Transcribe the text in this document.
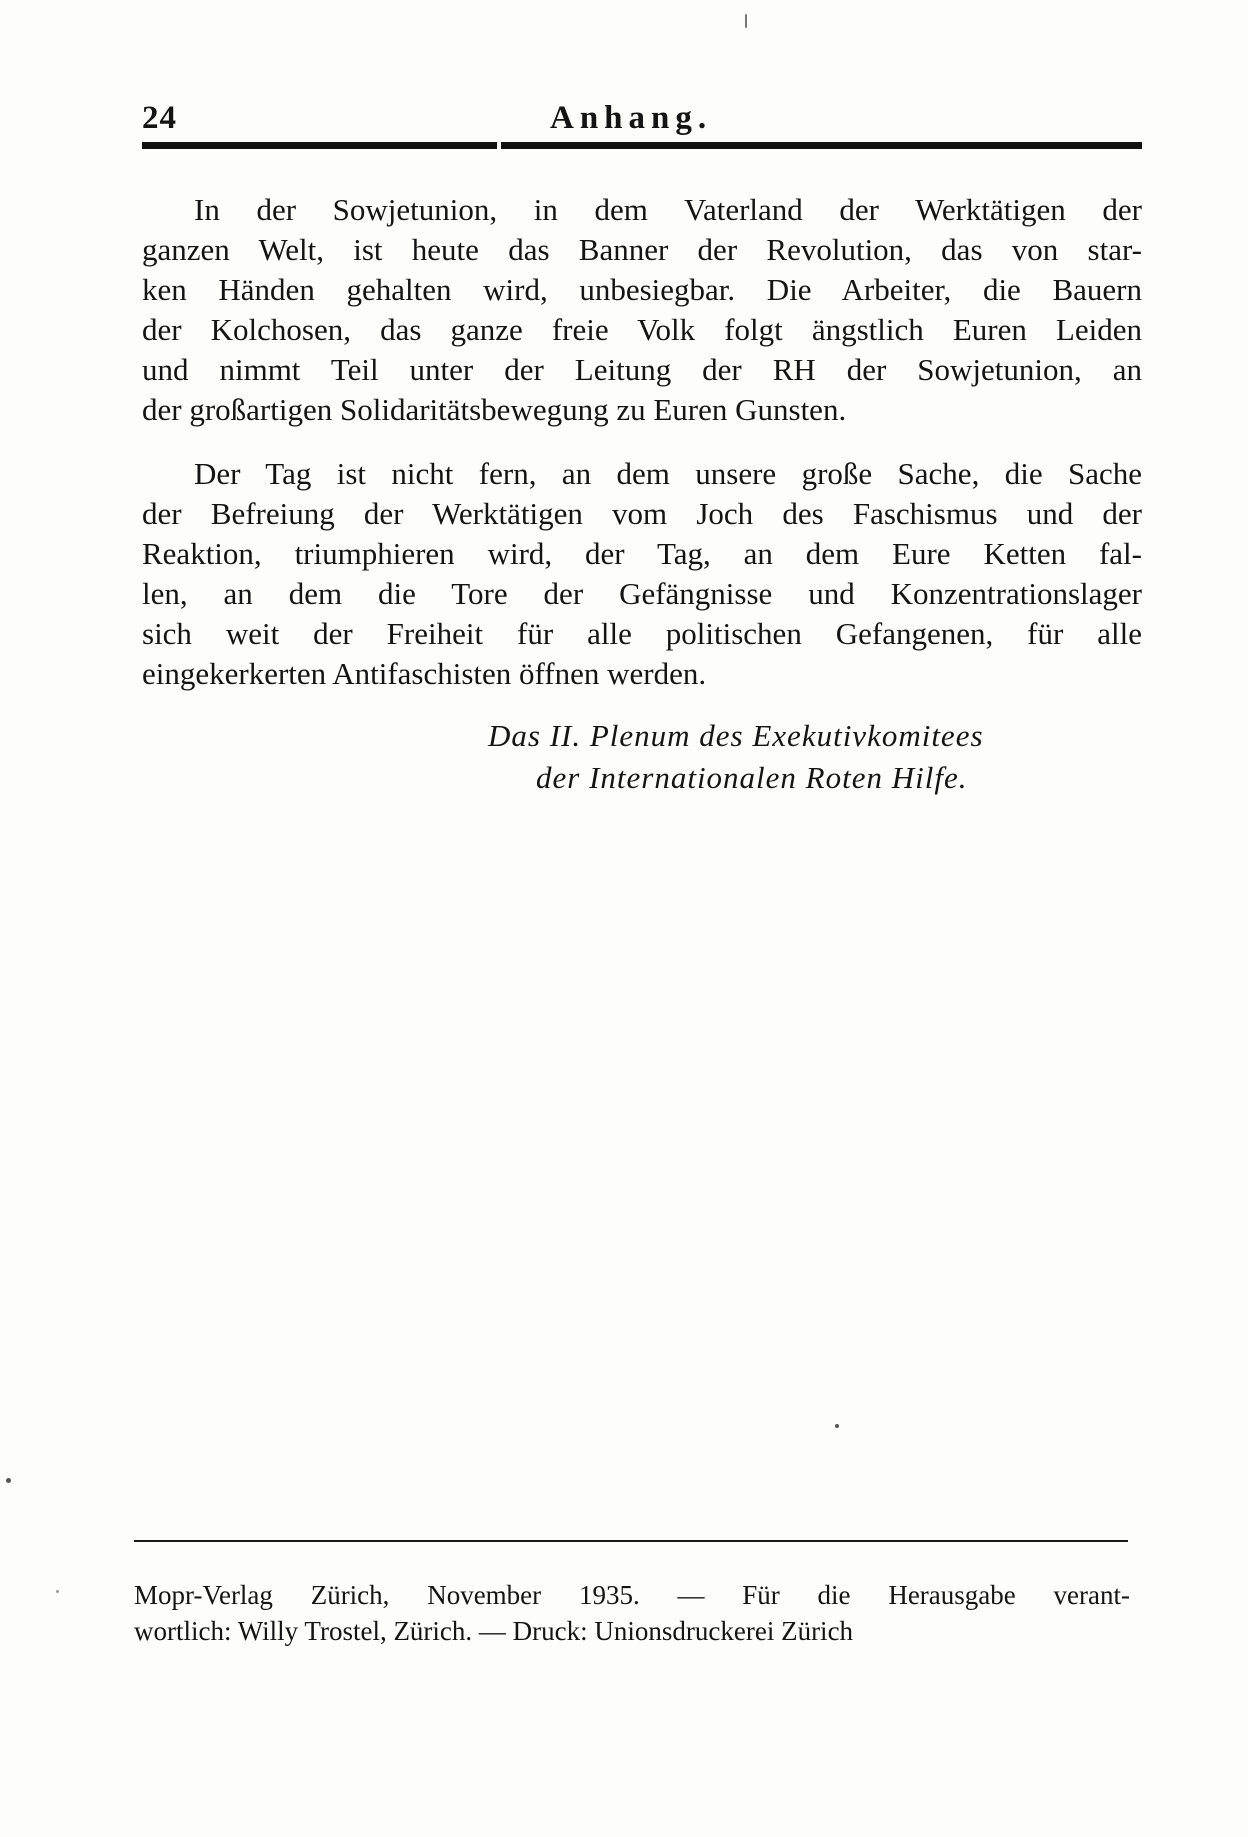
24	Anhang.
In der Sowjetunion, in dem Vaterland der Werktätigen der
ganzen Welt, ist heute das Banner der Revolution, das von star-
ken Händen gehalten wird, unbesiegbar. Die Arbeiter, die Bauern
der Kolchosen, das ganze freie Volk folgt ängstlich Euren Leiden
und nimmt Teil unter der Leitung der RH der Sowjetunion, an
der großartigen Solidaritätsbewegung zu Euren Gunsten.
Der Tag ist nicht fern, an dem unsere große Sache, die Sache
der Befreiung der Werktätigen vom Joch des Faschismus und der
Reaktion, triumphieren wird, der Tag, an dem Eure Ketten fal-
len, an dem die Tore der Gefängnisse und Konzentrationslager
sich weit der Freiheit für alle politischen Gefangenen, für alle
eingekerkerten Antifaschisten öffnen werden.
Das II. Plenum des Exekutivkomitees
der Internationalen Roten Hilfe.
Mopr-Verlag Zürich, November 1935. — Für die Herausgabe verant-
wortlich: Willy Trostel, Zürich. — Druck: Unionsdruckerei Zürich
